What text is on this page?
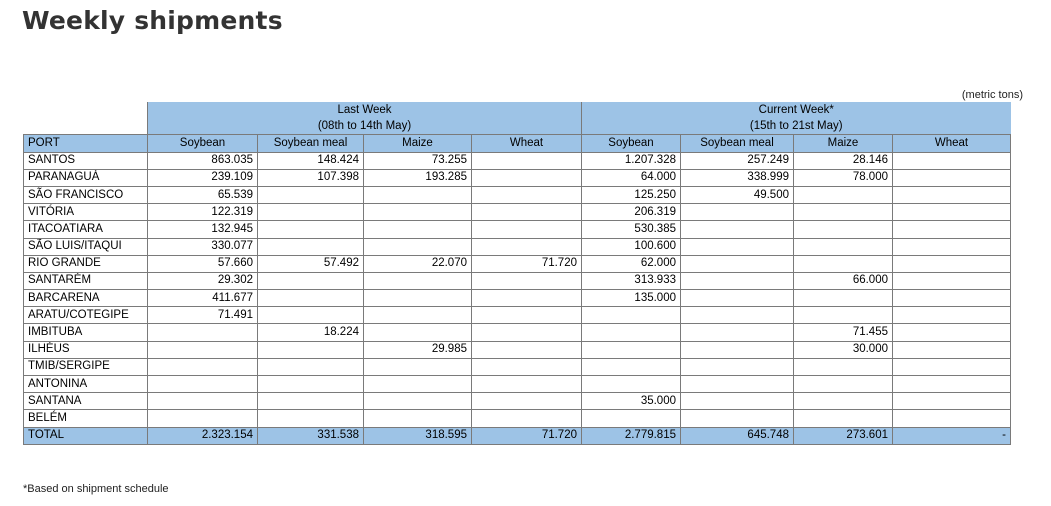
Weekly shipments
(metric tons)
	Last Week				Current Week*			
	(08th to 14th May)				(15th to 21st May)			
PORT	Soybean	Soybean meal	Maize	Wheat	Soybean	Soybean meal	Maize	Wheat
SANTOS	863.035	148.424	73.255		1.207.328	257.249	28.146	
PARANAGUÁ	239.109	107.398	193.285		64.000	338.999	78.000	
SÃO FRANCISCO	65.539				125.250	49.500		
VITÓRIA	122.319				206.319			
ITACOATIARA	132.945				530.385			
SÃO LUIS/ITAQUI	330.077				100.600			
RIO GRANDE	57.660	57.492	22.070	71.720	62.000			
SANTARÉM	29.302				313.933		66.000	
BARCARENA	411.677				135.000			
ARATU/COTEGIPE	71.491							
IMBITUBA		18.224					71.455	
ILHÉUS			29.985				30.000	
TMIB/SERGIPE								
ANTONINA								
SANTANA					35.000			
BELÉM								
TOTAL	2.323.154	331.538	318.595	71.720	2.779.815	645.748	273.601	-
*Based on shipment schedule
